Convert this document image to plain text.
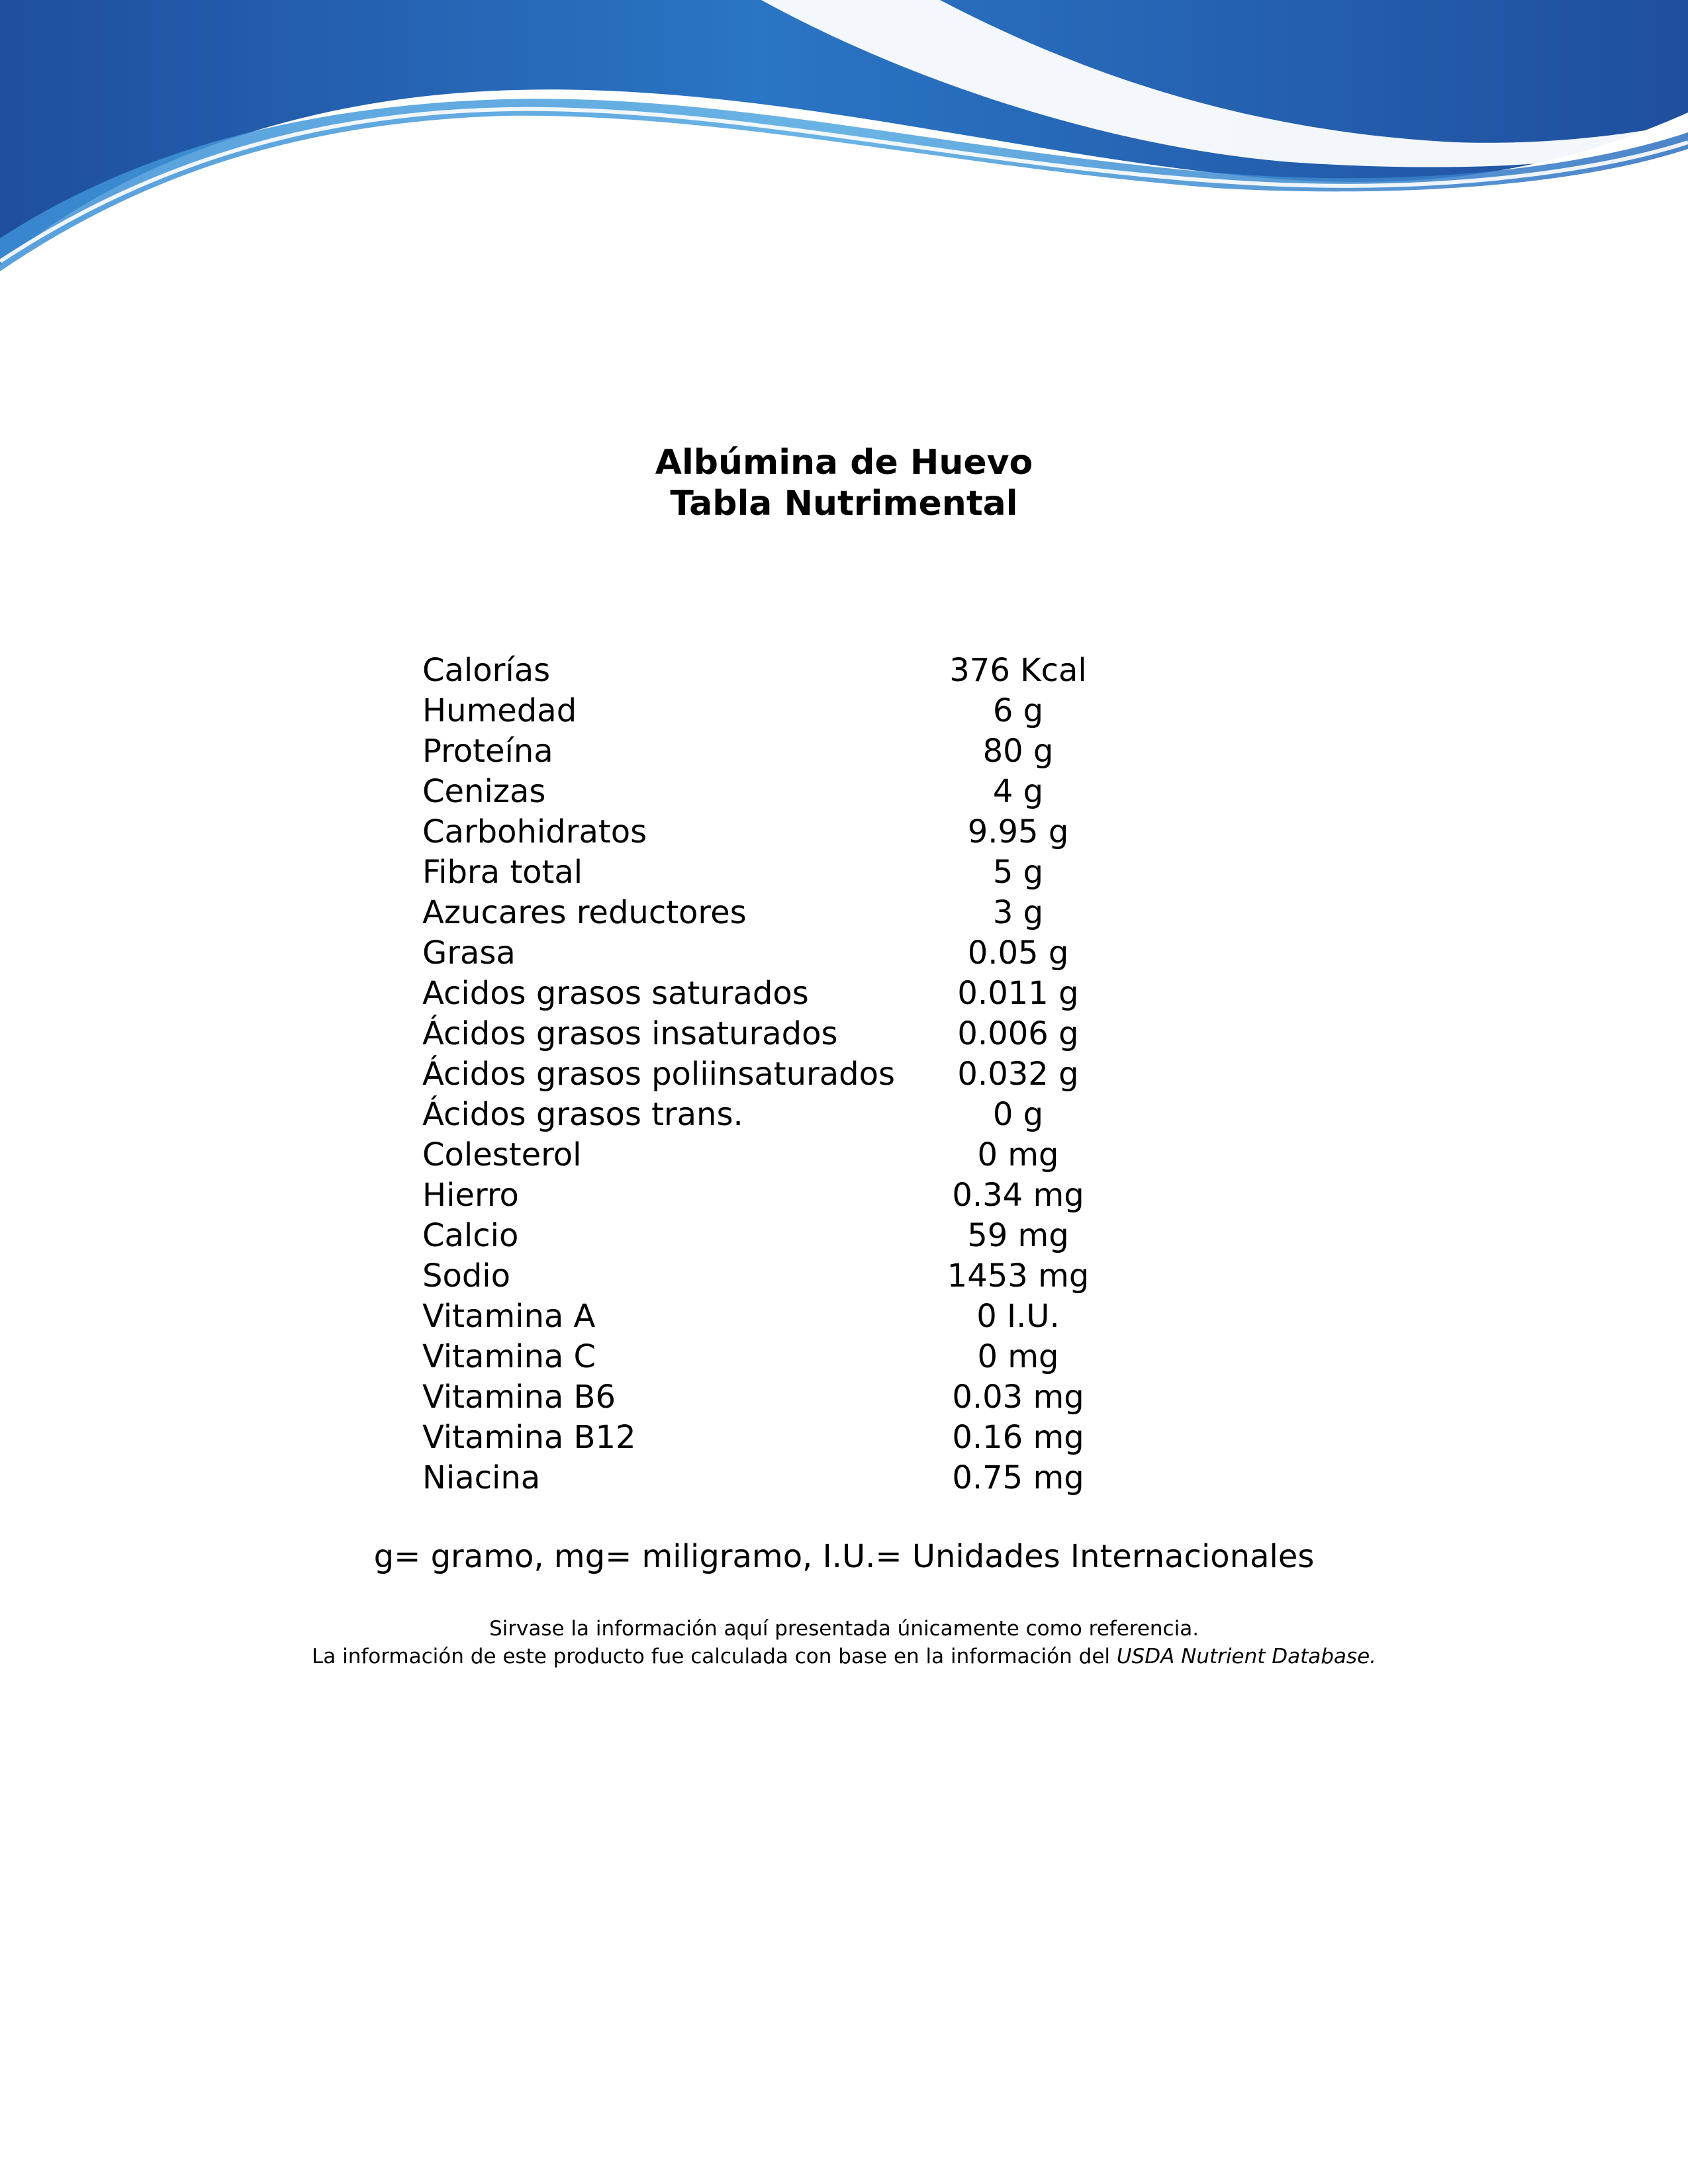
Albúmina de Huevo
Tabla Nutrimental
Calorías	376 Kcal
Humedad	6 g
Proteína	80 g
Cenizas	4 g
Carbohidratos	9.95 g
Fibra total	5 g
Azucares reductores	3 g
Grasa	0.05 g
Acidos grasos saturados	0.011 g
Ácidos grasos insaturados	0.006 g
Ácidos grasos poliinsaturados	0.032 g
Ácidos grasos trans.	0 g
Colesterol	0 mg
Hierro	0.34 mg
Calcio	59 mg
Sodio	1453 mg
Vitamina A	0 I.U.
Vitamina C	0 mg
Vitamina B6	0.03 mg
Vitamina B12	0.16 mg
Niacina	0.75 mg
g= gramo, mg= miligramo, I.U.= Unidades Internacionales
Sirvase la información aquí presentada únicamente como referencia.
La información de este producto fue calculada con base en la información del USDA Nutrient Database.
